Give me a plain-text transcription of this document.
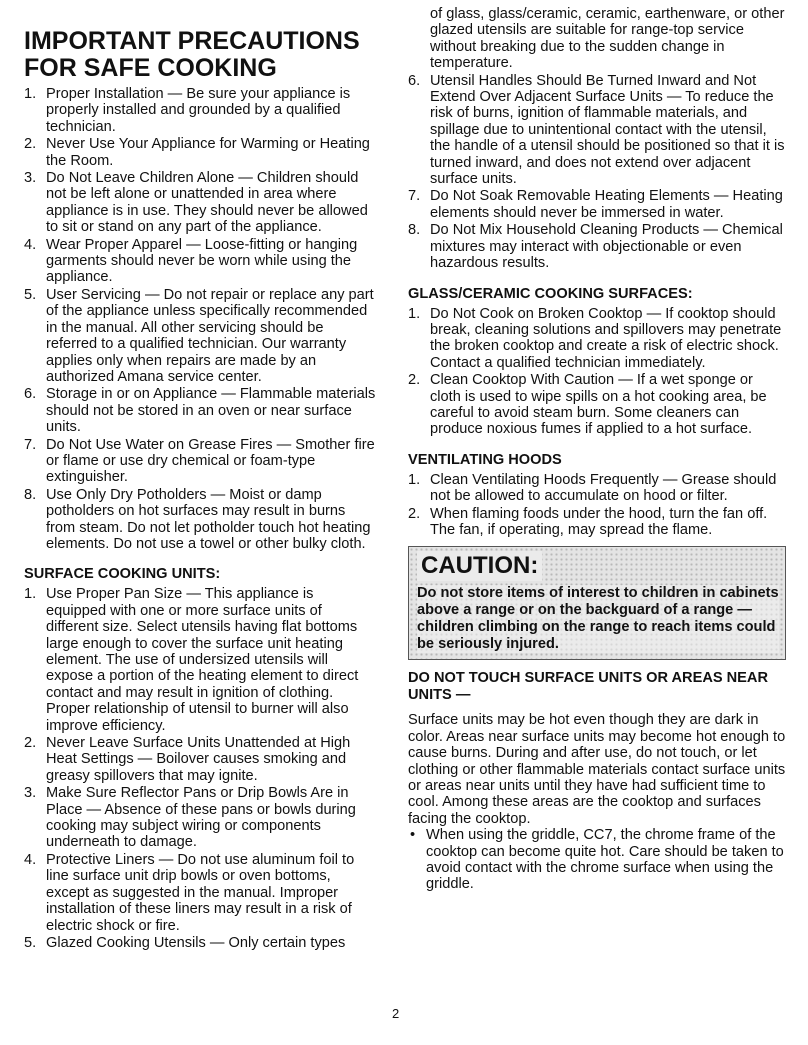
IMPORTANT PRECAUTIONS
FOR SAFE COOKING
1. Proper Installation — Be sure your appliance is properly installed and grounded by a qualified technician.
2. Never Use Your Appliance for Warming or Heating the Room.
3. Do Not Leave Children Alone — Children should not be left alone or unattended in area where appliance is in use. They should never be allowed to sit or stand on any part of the appliance.
4. Wear Proper Apparel — Loose-fitting or hanging garments should never be worn while using the appliance.
5. User Servicing — Do not repair or replace any part of the appliance unless specifically recommended in the manual. All other servicing should be referred to a qualified technician. Our warranty applies only when repairs are made by an authorized Amana service center.
6. Storage in or on Appliance — Flammable materials should not be stored in an oven or near surface units.
7. Do Not Use Water on Grease Fires — Smother fire or flame or use dry chemical or foam-type extinguisher.
8. Use Only Dry Potholders — Moist or damp potholders on hot surfaces may result in burns from steam. Do not let potholder touch hot heating elements. Do not use a towel or other bulky cloth.
SURFACE COOKING UNITS:
1. Use Proper Pan Size — This appliance is equipped with one or more surface units of different size. Select utensils having flat bottoms large enough to cover the surface unit heating element. The use of undersized utensils will expose a portion of the heating element to direct contact and may result in ignition of clothing. Proper relationship of utensil to burner will also improve efficiency.
2. Never Leave Surface Units Unattended at High Heat Settings — Boilover causes smoking and greasy spillovers that may ignite.
3. Make Sure Reflector Pans or Drip Bowls Are in Place — Absence of these pans or bowls during cooking may subject wiring or components underneath to damage.
4. Protective Liners — Do not use aluminum foil to line surface unit drip bowls or oven bottoms, except as suggested in the manual. Improper installation of these liners may result in a risk of electric shock or fire.
5. Glazed Cooking Utensils — Only certain types
of glass, glass/ceramic, ceramic, earthenware, or other glazed utensils are suitable for range-top service without breaking due to the sudden change in temperature.
6. Utensil Handles Should Be Turned Inward and Not Extend Over Adjacent Surface Units — To reduce the risk of burns, ignition of flammable materials, and spillage due to unintentional contact with the utensil, the handle of a utensil should be positioned so that it is turned inward, and does not extend over adjacent surface units.
7. Do Not Soak Removable Heating Elements — Heating elements should never be immersed in water.
8. Do Not Mix Household Cleaning Products — Chemical mixtures may interact with objectionable or even hazardous results.
GLASS/CERAMIC COOKING SURFACES:
1. Do Not Cook on Broken Cooktop — If cooktop should break, cleaning solutions and spillovers may penetrate the broken cooktop and create a risk of electric shock. Contact a qualified technician immediately.
2. Clean Cooktop With Caution — If a wet sponge or cloth is used to wipe spills on a hot cooking area, be careful to avoid steam burn. Some cleaners can produce noxious fumes if applied to a hot surface.
VENTILATING HOODS
1. Clean Ventilating Hoods Frequently — Grease should not be allowed to accumulate on hood or filter.
2. When flaming foods under the hood, turn the fan off. The fan, if operating, may spread the flame.
CAUTION:

Do not store items of interest to children in cabinets above a range or on the backguard of a range — children climbing on the range to reach items could be seriously injured.

DO NOT TOUCH SURFACE UNITS OR AREAS NEAR UNITS —

Surface units may be hot even though they are dark in color. Areas near surface units may become hot enough to cause burns. During and after use, do not touch, or let clothing or other flammable materials contact surface units or areas near units until they have had sufficient time to cool. Among these areas are the cooktop and surfaces facing the cooktop.

• When using the griddle, CC7, the chrome frame of the cooktop can become quite hot. Care should be taken to avoid contact with the chrome surface when using the griddle.
2
